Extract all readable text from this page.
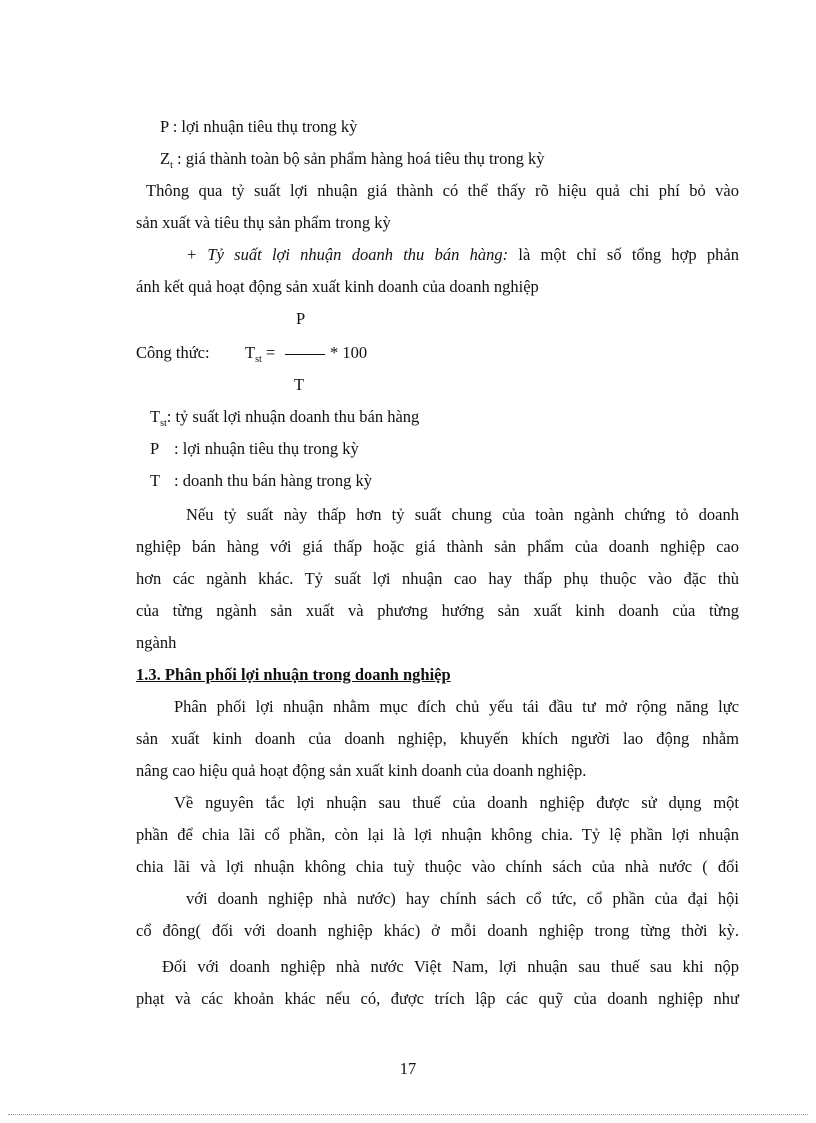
P : lợi nhuận tiêu thụ trong kỳ
$Z_t$ : giá thành toàn bộ sản phẩm hàng hoá tiêu thụ trong kỳ
Thông qua tỷ suất lợi nhuận giá thành có thể thấy rõ hiệu quả chi phí bỏ vào
sản xuất và tiêu thụ sản phẩm trong kỳ
+ Tỷ suất lợi nhuận doanh thu bán hàng: là một chỉ số tổng hợp phản
ánh kết quả hoạt động sản xuất kinh doanh của doanh nghiệp
P
Công thức: $T_{st}$ =	* 100
T
$T_{st}$: tỷ suất lợi nhuận doanh thu bán hàng
P : lợi nhuận tiêu thụ trong kỳ
T : doanh thu bán hàng trong kỳ
Nếu tỷ suất này thấp hơn tỷ suất chung của toàn ngành chứng tỏ doanh
nghiệp bán hàng với giá thấp hoặc giá thành sản phẩm của doanh nghiệp cao
hơn các ngành khác. Tỷ suất lợi nhuận cao hay thấp phụ thuộc vào đặc thù
của từng ngành sản xuất và phương hướng sản xuất kinh doanh của từng
ngành
1.3. Phân phối lợi nhuận trong doanh nghiệp
Phân phối lợi nhuận nhằm mục đích chủ yếu tái đầu tư mở rộng năng lực
sản xuất kinh doanh của doanh nghiệp, khuyến khích người lao động nhằm
nâng cao hiệu quả hoạt động sản xuất kinh doanh của doanh nghiệp.
Về nguyên tắc lợi nhuận sau thuế của doanh nghiệp được sử dụng một
phần để chia lãi cổ phần, còn lại là lợi nhuận không chia. Tỷ lệ phần lợi nhuận
chia lãi và lợi nhuận không chia tuỳ thuộc vào chính sách của nhà nước ( đối
với doanh nghiệp nhà nước) hay chính sách cổ tức, cổ phần của đại hội
cổ đông( đối với doanh nghiệp khác) ở mỗi doanh nghiệp trong từng thời kỳ.
Đối với doanh nghiệp nhà nước Việt Nam, lợi nhuận sau thuế sau khi nộp
phạt và các khoản khác nếu có, được trích lập các quỹ của doanh nghiệp như
17
